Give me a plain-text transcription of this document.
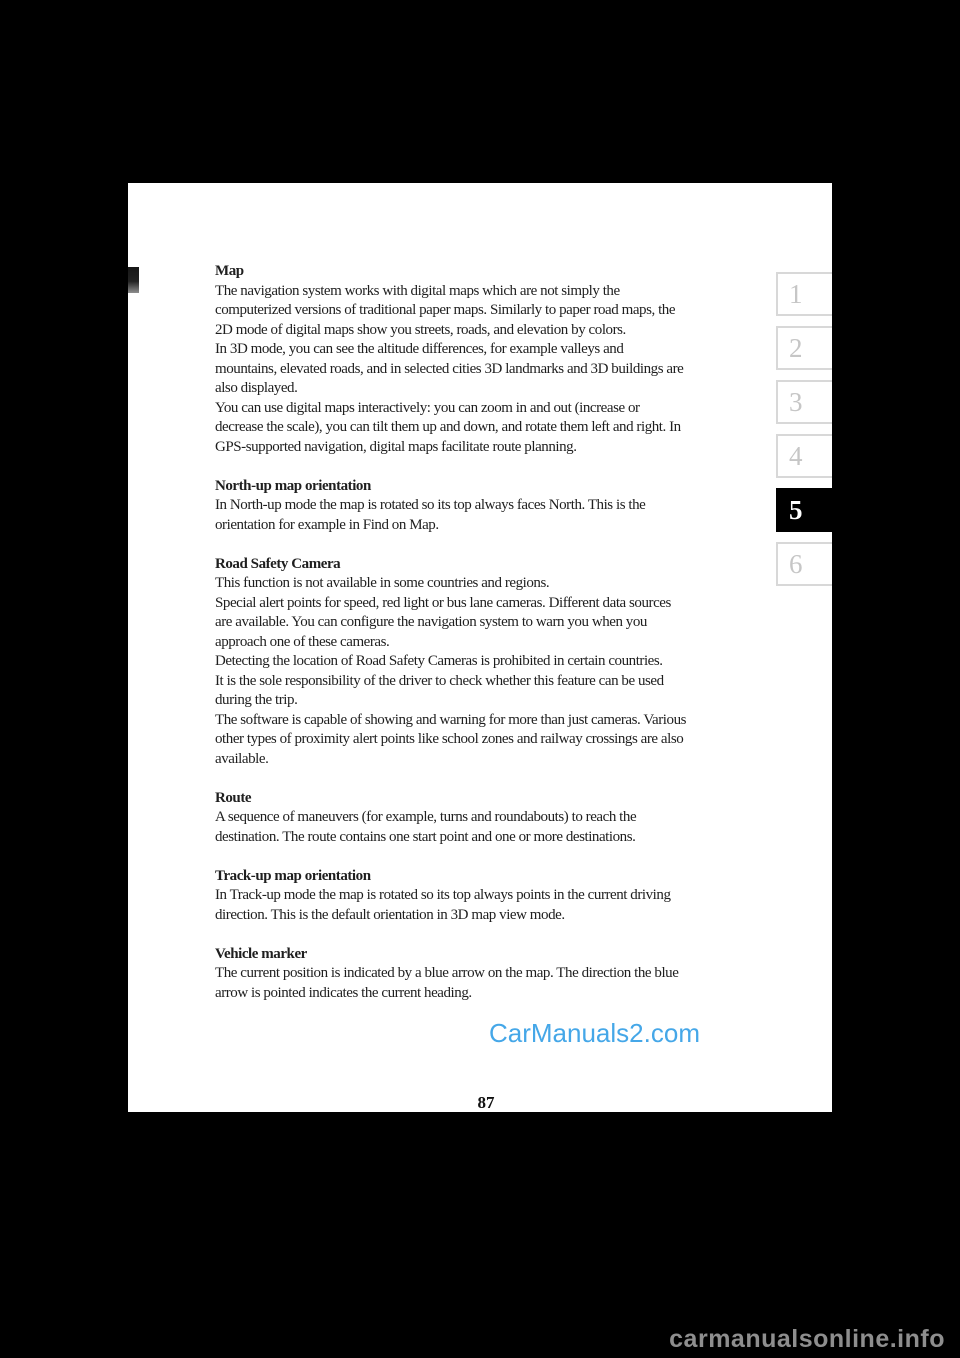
Map
The navigation system works with digital maps which are not simply the
computerized versions of traditional paper maps. Similarly to paper road maps, the
2D mode of digital maps show you streets, roads, and elevation by colors.
In 3D mode, you can see the altitude differences, for example valleys and
mountains, elevated roads, and in selected cities 3D landmarks and 3D buildings are
also displayed.
You can use digital maps interactively: you can zoom in and out (increase or
decrease the scale), you can tilt them up and down, and rotate them left and right. In
GPS-supported navigation, digital maps facilitate route planning.
North-up map orientation
In North-up mode the map is rotated so its top always faces North. This is the
orientation for example in Find on Map.
Road Safety Camera
This function is not available in some countries and regions.
Special alert points for speed, red light or bus lane cameras. Different data sources
are available. You can configure the navigation system to warn you when you
approach one of these cameras.
Detecting the location of Road Safety Cameras is prohibited in certain countries.
It is the sole responsibility of the driver to check whether this feature can be used
during the trip.
The software is capable of showing and warning for more than just cameras. Various
other types of proximity alert points like school zones and railway crossings are also
available.
Route
A sequence of maneuvers (for example, turns and roundabouts) to reach the
destination. The route contains one start point and one or more destinations.
Track-up map orientation
In Track-up mode the map is rotated so its top always points in the current driving
direction. This is the default orientation in 3D map view mode.
Vehicle marker
The current position is indicated by a blue arrow on the map. The direction the blue
arrow is pointed indicates the current heading.
1
2
3
4
5
6
CarManuals2.com
87
carmanualsonline.info
